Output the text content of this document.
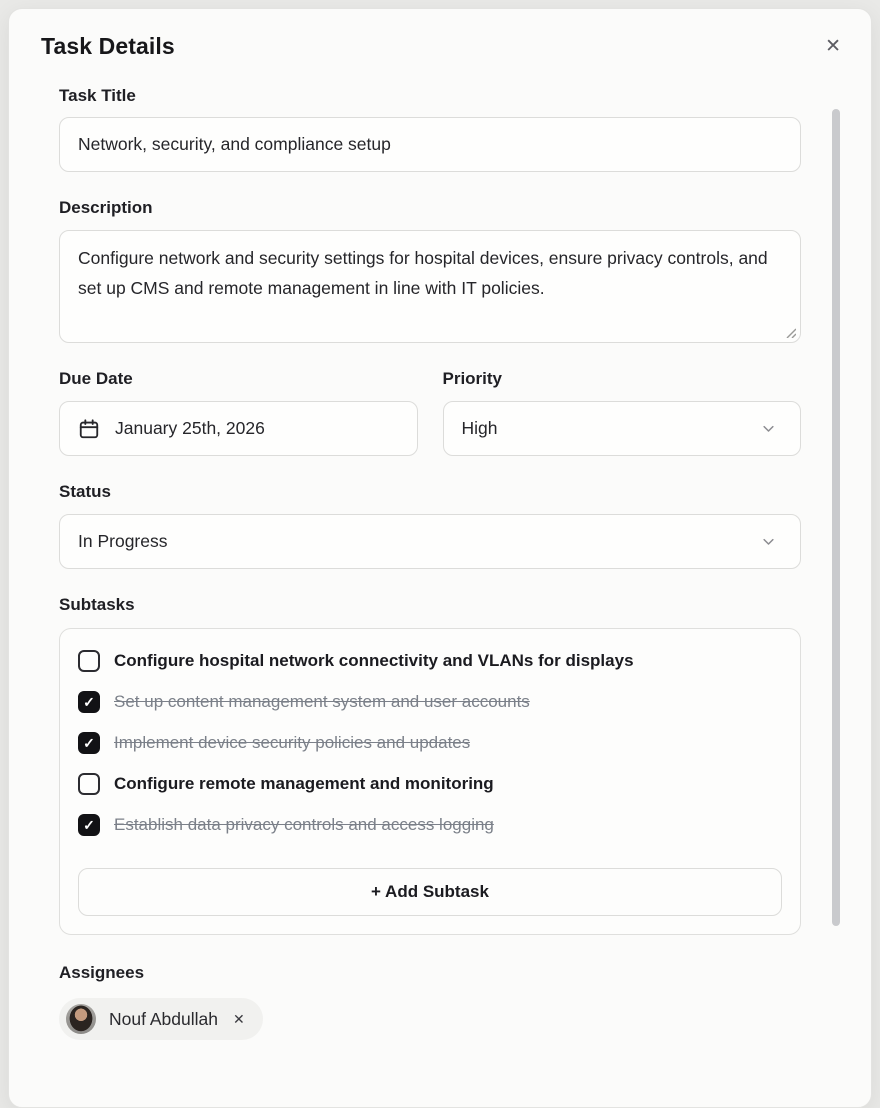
Task Details	✕
Task Title
Network, security, and compliance setup
Description
Configure network and security settings for hospital devices, ensure privacy controls, and set up CMS and remote management in line with IT policies.
Due Date
January 25th, 2026
Priority
High
Status
In Progress
Subtasks
Configure hospital network connectivity and VLANs for displays
✓	Set up content management system and user accounts
✓	Implement device security policies and updates
Configure remote management and monitoring
✓	Establish data privacy controls and access logging
+ Add Subtask
Assignees
Nouf Abdullah ✕
